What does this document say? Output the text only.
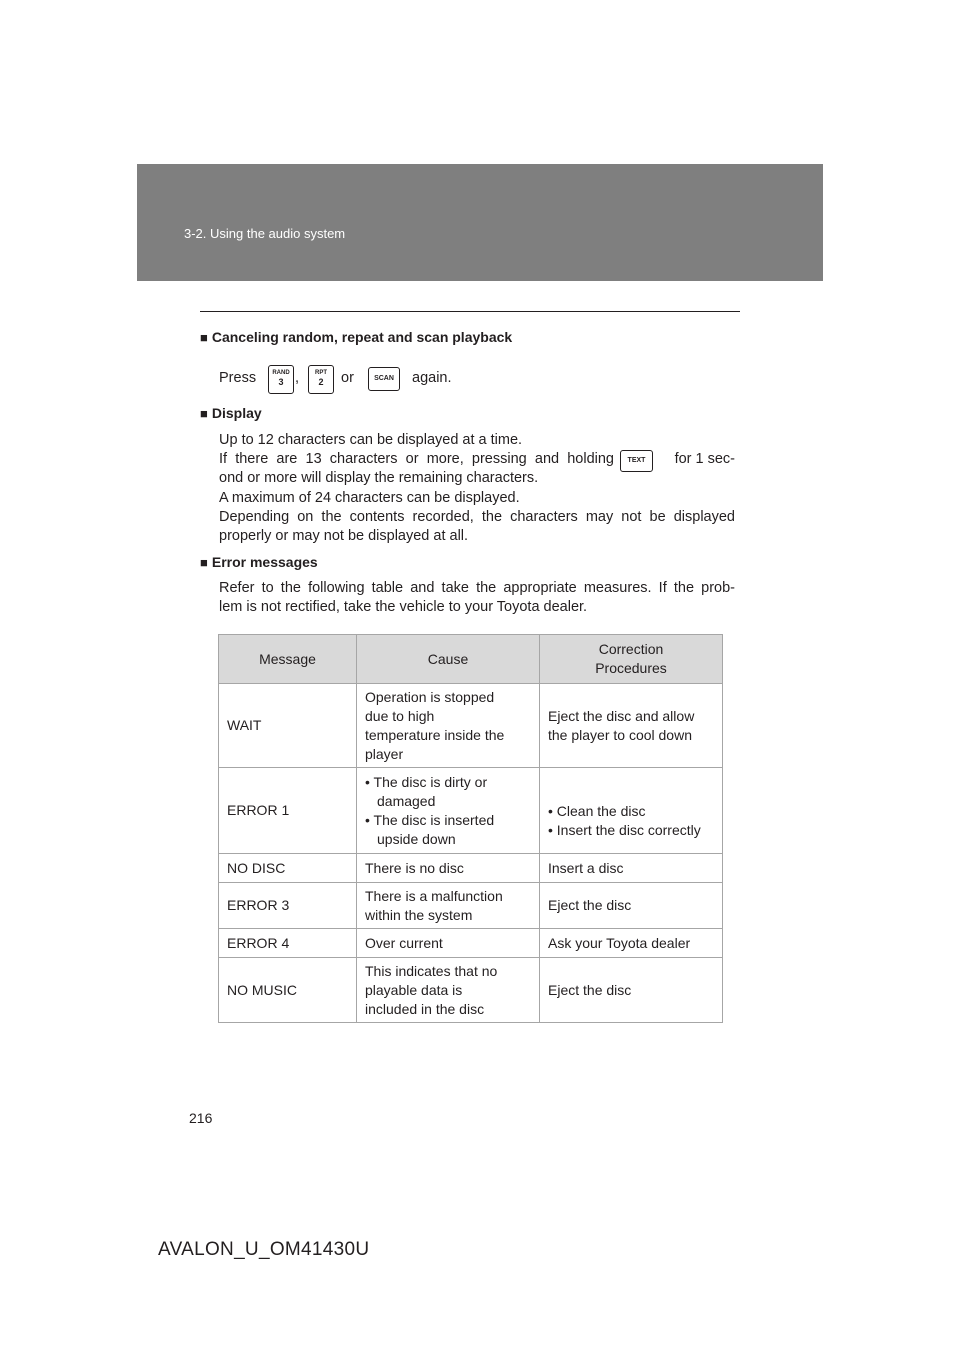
3-2. Using the audio system
■ Canceling random, repeat and scan playback
Press	RAND
3 ,	RPT
2	or	SCAN	again.
■ Display
Up to 12 characters can be displayed at a time.
If there are 13 characters or more, pressing and holding	TEXT	for 1 sec-
ond or more will display the remaining characters.
A maximum of 24 characters can be displayed.
Depending on the contents recorded, the characters may not be displayed
properly or may not be displayed at all.
■ Error messages
Refer to the following table and take the appropriate measures. If the prob-
lem is not rectified, take the vehicle to your Toyota dealer.
Message	Cause	Correction
Procedures

WAIT	Operation is stopped
due to high
temperature inside the
player	Eject the disc and allow
the player to cool down

ERROR 1	• The disc is dirty or damaged
• The disc is inserted upside down	• Clean the disc
• Insert the disc correctly

NO DISC	There is no disc	Insert a disc
ERROR 3	There is a malfunction
within the system	Eject the disc
ERROR 4	Over current	Ask your Toyota dealer
NO MUSIC	This indicates that no
playable data is
included in the disc	Eject the disc
216
AVALON_U_OM41430U
